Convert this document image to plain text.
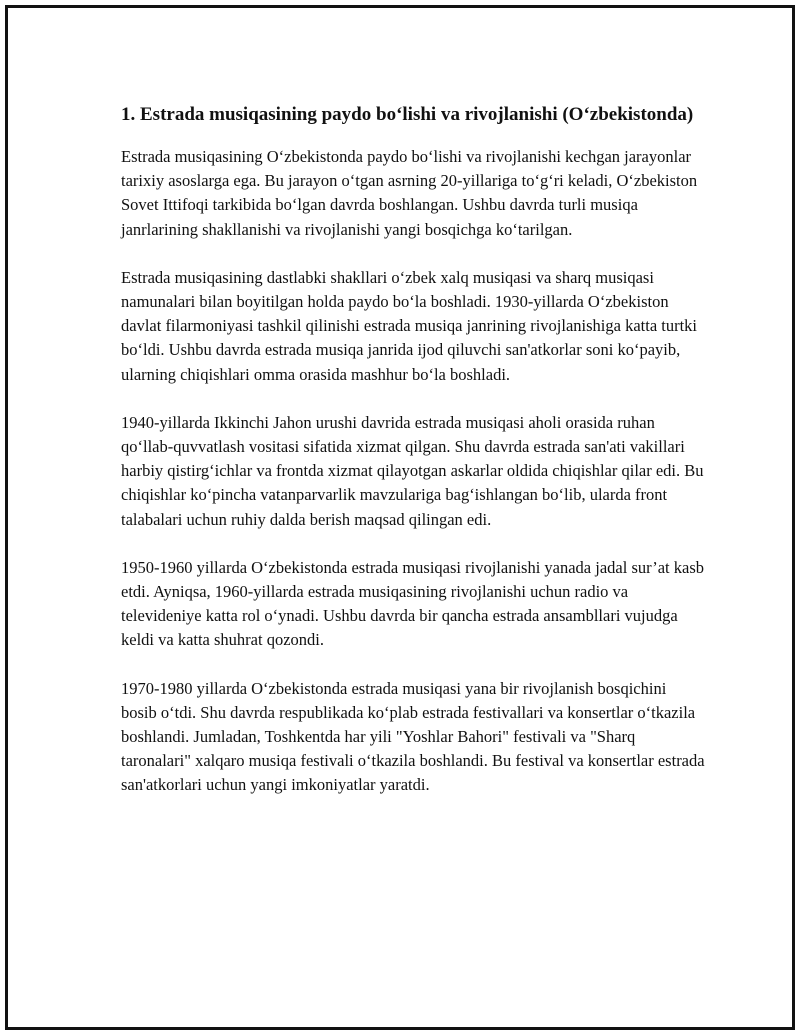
1. Estrada musiqasining paydo bo‘lishi va rivojlanishi (O‘zbekistonda)

Estrada musiqasining O‘zbekistonda paydo bo‘lishi va rivojlanishi kechgan jarayonlar tarixiy asoslarga ega. Bu jarayon o‘tgan asrning 20-yillariga to‘g‘ri keladi, O‘zbekiston Sovet Ittifoqi tarkibida bo‘lgan davrda boshlangan. Ushbu davrda turli musiqa janrlarining shakllanishi va rivojlanishi yangi bosqichga ko‘tarilgan.

Estrada musiqasining dastlabki shakllari o‘zbek xalq musiqasi va sharq musiqasi namunalari bilan boyitilgan holda paydo bo‘la boshladi. 1930-yillarda O‘zbekiston davlat filarmoniyasi tashkil qilinishi estrada musiqa janrining rivojlanishiga katta turtki bo‘ldi. Ushbu davrda estrada musiqa janrida ijod qiluvchi san'atkorlar soni ko‘payib, ularning chiqishlari omma orasida mashhur bo‘la boshladi.

1940-yillarda Ikkinchi Jahon urushi davrida estrada musiqasi aholi orasida ruhan qo‘llab-quvvatlash vositasi sifatida xizmat qilgan. Shu davrda estrada san'ati vakillari harbiy qistirg‘ichlar va frontda xizmat qilayotgan askarlar oldida chiqishlar qilar edi. Bu chiqishlar ko‘pincha vatanparvarlik mavzulariga bag‘ishlangan bo‘lib, ularda front talabalari uchun ruhiy dalda berish maqsad qilingan edi.

1950-1960 yillarda O‘zbekistonda estrada musiqasi rivojlanishi yanada jadal sur’at kasb etdi. Ayniqsa, 1960-yillarda estrada musiqasining rivojlanishi uchun radio va televideniye katta rol o‘ynadi. Ushbu davrda bir qancha estrada ansambllari vujudga keldi va katta shuhrat qozondi.

1970-1980 yillarda O‘zbekistonda estrada musiqasi yana bir rivojlanish bosqichini bosib o‘tdi. Shu davrda respublikada ko‘plab estrada festivallari va konsertlar o‘tkazila boshlandi. Jumladan, Toshkentda har yili "Yoshlar Bahori" festivali va "Sharq taronalari" xalqaro musiqa festivali o‘tkazila boshlandi. Bu festival va konsertlar estrada san'atkorlari uchun yangi imkoniyatlar yaratdi.
